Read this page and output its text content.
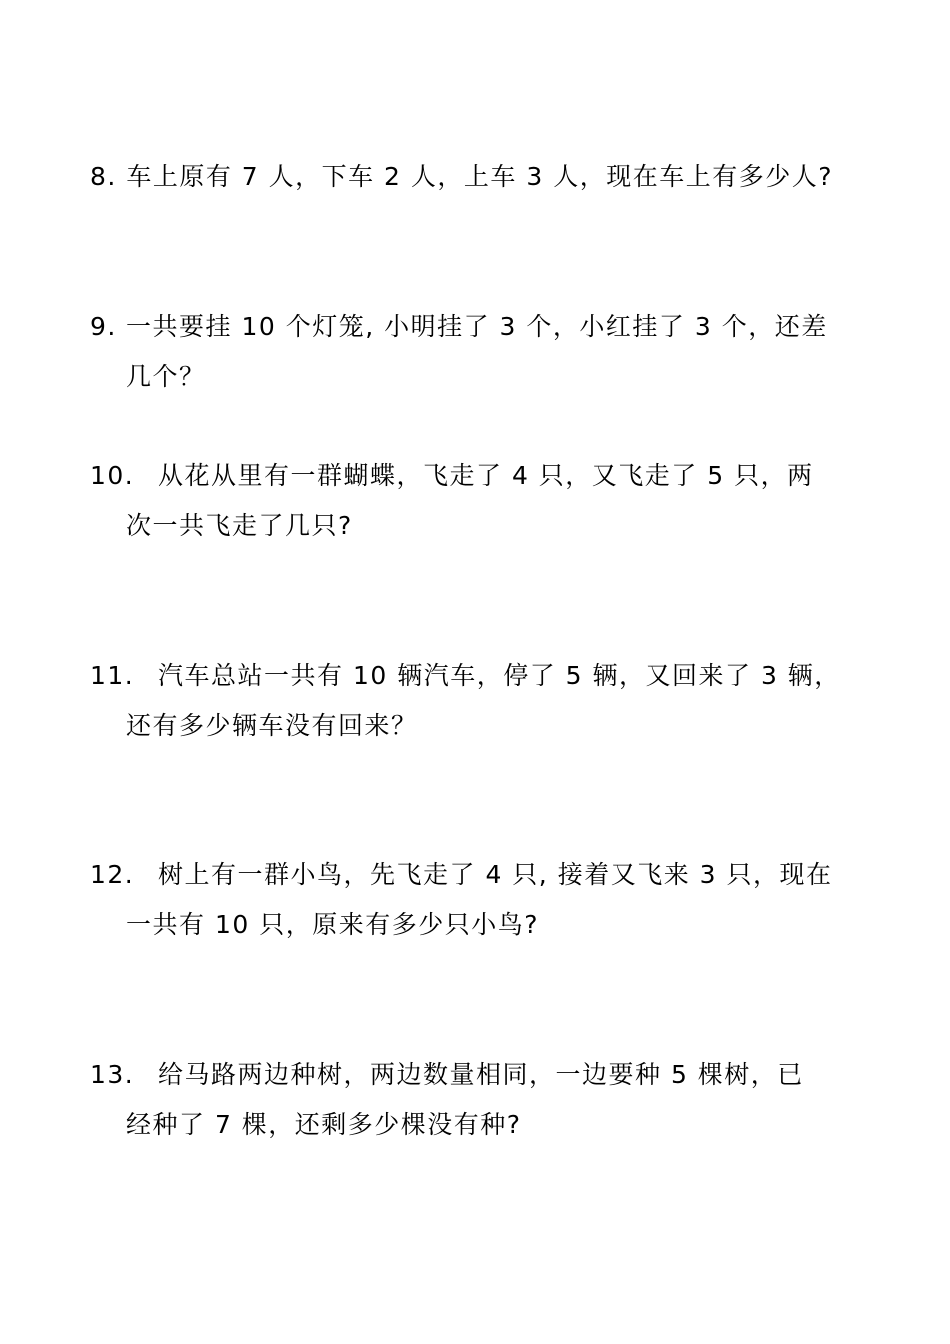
8. 车上原有 7 人，下车 2 人，上车 3 人，现在车上有多少人?
9. 一共要挂 10 个灯笼, 小明挂了 3 个，小红挂了 3 个，还差
几个？
10. 从花从里有一群蝴蝶，飞走了 4 只，又飞走了 5 只，两
次一共飞走了几只?
11. 汽车总站一共有 10 辆汽车，停了 5 辆，又回来了 3 辆，
还有多少辆车没有回来？
12. 树上有一群小鸟，先飞走了 4 只, 接着又飞来 3 只，现在
一共有 10 只，原来有多少只小鸟?
13. 给马路两边种树，两边数量相同，一边要种 5 棵树，已
经种了 7 棵，还剩多少棵没有种?
